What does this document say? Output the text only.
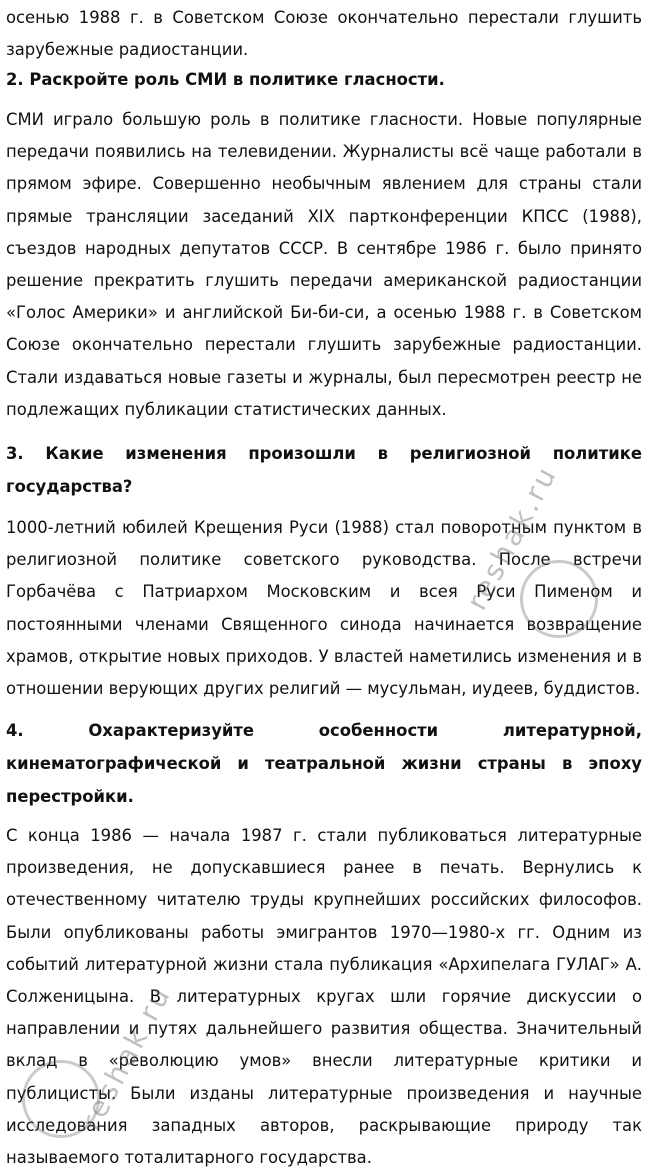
осенью 1988 г. в Советском Союзе окончательно перестали глушить зарубежные радиостанции.

2. Раскройте роль СМИ в политике гласности.

СМИ играло большую роль в политике гласности. Новые популярные передачи появились на телевидении. Журналисты всё чаще работали в прямом эфире. Совершенно необычным явлением для страны стали прямые трансляции заседаний XIX партконференции КПСС (1988), съездов народных депутатов СССР. В сентябре 1986 г. было принято решение прекратить глушить передачи американской радиостанции «Голос Америки» и английской Би-би-си, а осенью 1988 г. в Советском Союзе окончательно перестали глушить зарубежные радиостанции. Стали издаваться новые газеты и журналы, был пересмотрен реестр не подлежащих публикации статистических данных.

3. Какие изменения произошли в религиозной политике государства?

1000-летний юбилей Крещения Руси (1988) стал поворотным пунктом в религиозной политике советского руководства. После встречи Горбачёва с Патриархом Московским и всея Руси Пименом и постоянными членами Священного синода начинается возвращение храмов, открытие новых приходов. У властей наметились изменения и в отношении верующих других религий — мусульман, иудеев, буддистов.

4. Охарактеризуйте особенности литературной, кинематографической и театральной жизни страны в эпоху перестройки.

С конца 1986 — начала 1987 г. стали публиковаться литературные произведения, не допускавшиеся ранее в печать. Вернулись к отечественному читателю труды крупнейших российских философов. Были опубликованы работы эмигрантов 1970—1980-х гг. Одним из событий литературной жизни стала публикация «Архипелага ГУЛАГ» А. Солженицына. В литературных кругах шли горячие дискуссии о направлении и путях дальнейшего развития общества. Значительный вклад в «революцию умов» внесли литературные критики и публицисты. Были изданы литературные произведения и научные исследования западных авторов, раскрывающие природу так называемого тоталитарного государства.

reshak.ru
reshak.ru
